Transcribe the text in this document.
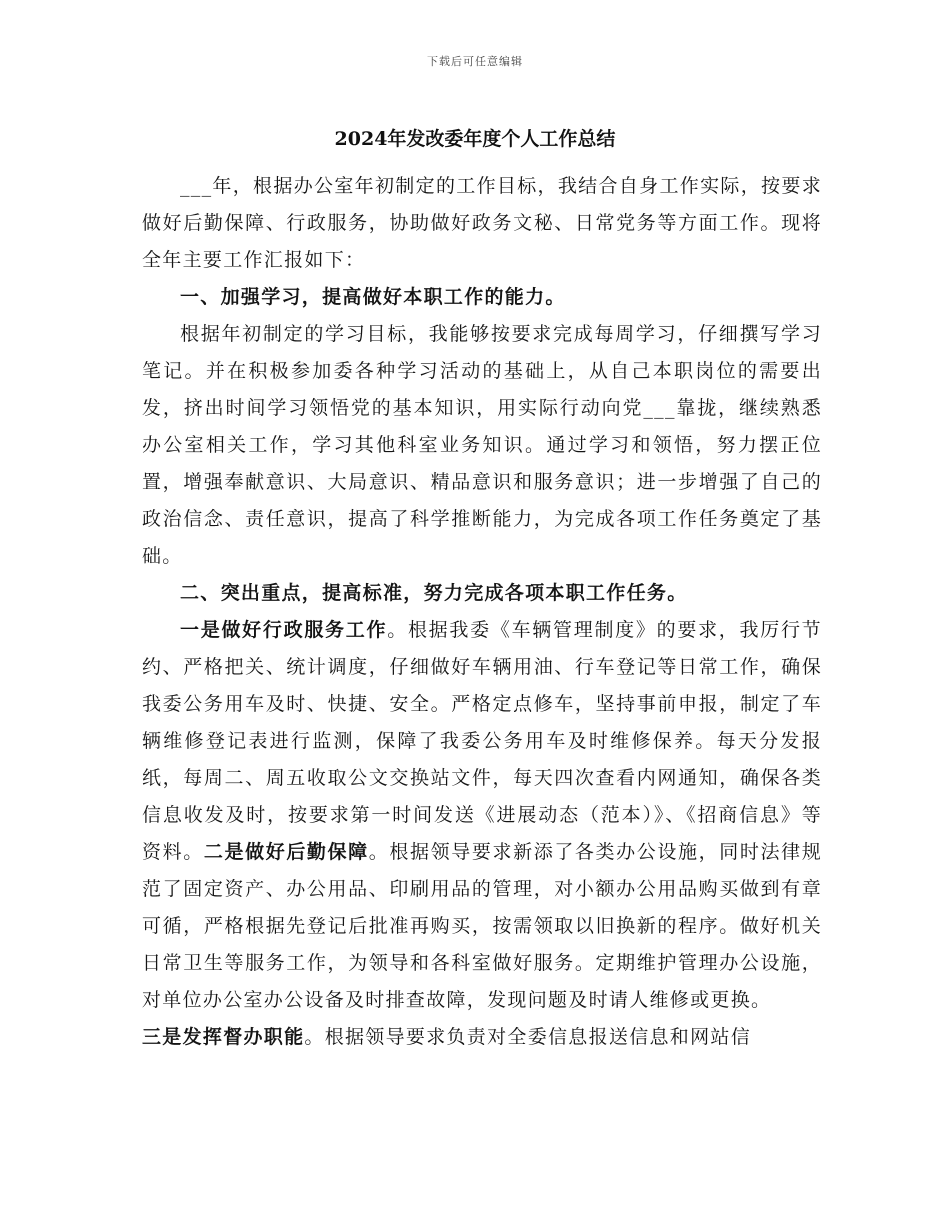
下载后可任意编辑
2024年发改委年度个人工作总结

___年，根据办公室年初制定的工作目标，我结合自身工作实际，按要求做好后勤保障、行政服务，协助做好政务文秘、日常党务等方面工作。现将全年主要工作汇报如下：

一、加强学习，提高做好本职工作的能力。

根据年初制定的学习目标，我能够按要求完成每周学习，仔细撰写学习笔记。并在积极参加委各种学习活动的基础上，从自己本职岗位的需要出发，挤出时间学习领悟党的基本知识，用实际行动向党___靠拢，继续熟悉办公室相关工作，学习其他科室业务知识。通过学习和领悟，努力摆正位置，增强奉献意识、大局意识、精品意识和服务意识；进一步增强了自己的政治信念、责任意识，提高了科学推断能力，为完成各项工作任务奠定了基础。

二、突出重点，提高标准，努力完成各项本职工作任务。

一是做好行政服务工作。根据我委《车辆管理制度》的要求，我厉行节约、严格把关、统计调度，仔细做好车辆用油、行车登记等日常工作，确保我委公务用车及时、快捷、安全。严格定点修车，坚持事前申报，制定了车辆维修登记表进行监测，保障了我委公务用车及时维修保养。每天分发报纸，每周二、周五收取公文交换站文件，每天四次查看内网通知，确保各类信息收发及时，按要求第一时间发送《进展动态（范本）》、《招商信息》等资料。二是做好后勤保障。根据领导要求新添了各类办公设施，同时法律规范了固定资产、办公用品、印刷用品的管理，对小额办公用品购买做到有章可循，严格根据先登记后批准再购买，按需领取以旧换新的程序。做好机关日常卫生等服务工作，为领导和各科室做好服务。定期维护管理办公设施，对单位办公室办公设备及时排查故障，发现问题及时请人维修或更换。

三是发挥督办职能。根据领导要求负责对全委信息报送信息和网站信
